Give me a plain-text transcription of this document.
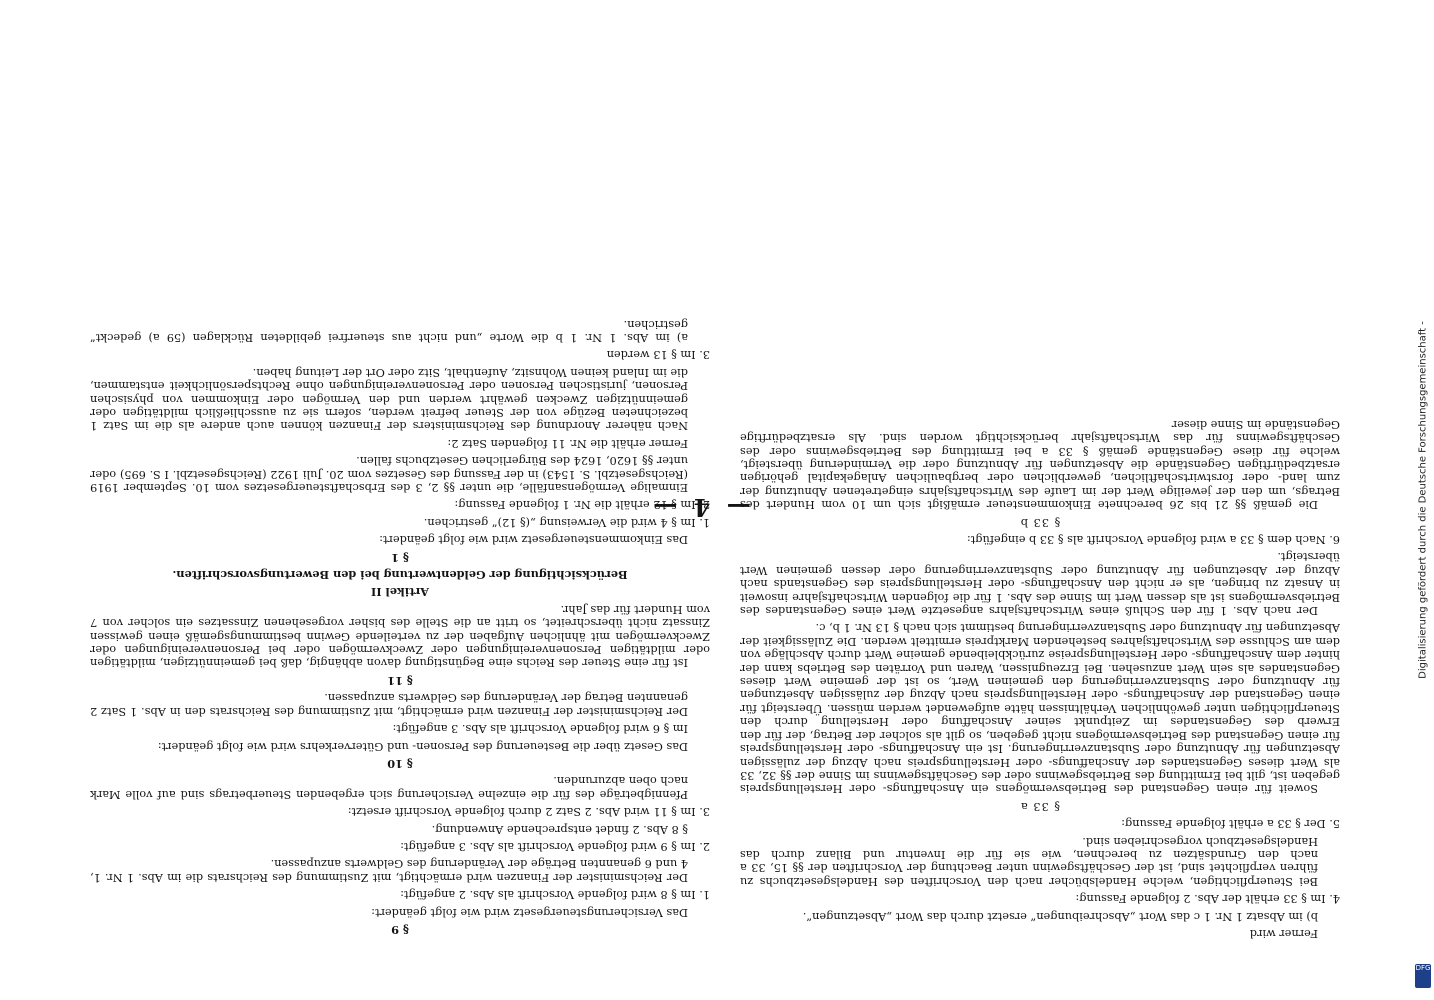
— 4 —

§ 9

Das Versicherungsteuergesetz wird wie folgt geändert:

1. Im § 8 wird folgende Vorschrift als Abs. 2 angefügt:

Der Reichsminister der Finanzen wird ermächtigt, mit Zustimmung des Reichsrats die im Abs. 1 Nr. 1, 4 und 6 genannten Beträge der Veränderung des Geldwerts anzupassen.

2. Im § 9 wird folgende Vorschrift als Abs. 3 angefügt:

§ 8 Abs. 2 findet entsprechende Anwendung.

3. Im § 11 wird Abs. 2 Satz 2 durch folgende Vorschrift ersetzt:

Pfennigbeträge des für die einzelne Versicherung sich ergebenden Steuerbetrags sind auf volle Mark nach oben abzurunden.

§ 10

Das Gesetz über die Besteuerung des Personen- und Güterverkehrs wird wie folgt geändert:

Im § 6 wird folgende Vorschrift als Abs. 3 angefügt:

Der Reichsminister der Finanzen wird ermächtigt, mit Zustimmung des Reichsrats den in Abs. 1 Satz 2 genannten Betrag der Veränderung des Geldwerts anzupassen.

§ 11

Ist für eine Steuer des Reichs eine Begünstigung davon abhängig, daß bei gemeinnützigen, mildtätigen oder mildtätigen Personenvereinigungen oder Zweckvermögen oder bei Personenvereinigungen oder Zweckvermögen mit ähnlichen Aufgaben der zu verteilende Gewinn bestimmungsgemäß einen gewissen Zinssatz nicht überschreitet, so tritt an die Stelle des bisher vorgesehenen Zinssatzes ein solcher von 7 vom Hundert für das Jahr.

Artikel II

Berücksichtigung der Geldentwertung bei den Bewertungsvorschriften.

§ 1

Das Einkommensteuergesetz wird wie folgt geändert:

1. Im § 4 wird die Verweisung „(§ 12)“ gestrichen.

2. Im § 12 erhält die Nr. 1 folgende Fassung:

Einmalige Vermögensanfälle, die unter §§ 2, 3 des Erbschaftsteuergesetzes vom 10. September 1919 (Reichsgesetzbl. S. 1543) in der Fassung des Gesetzes vom 20. Juli 1922 (Reichsgesetzbl. I S. 695) oder unter §§ 1620, 1624 des Bürgerlichen Gesetzbuchs fallen.

Ferner erhält die Nr. 11 folgenden Satz 2:

Nach näherer Anordnung des Reichsministers der Finanzen können auch andere als die im Satz 1 bezeichneten Bezüge von der Steuer befreit werden, sofern sie zu ausschließlich mildtätigen oder gemeinnützigen Zwecken gewährt werden und den Vermögen oder Einkommen von physischen Personen, juristischen Personen oder Personenvereinigungen ohne Rechtspersönlichkeit entstammen, die im Inland keinen Wohnsitz, Aufenthalt, Sitz oder Ort der Leitung haben.

3. Im § 13 werden

a) im Abs. 1 Nr. 1 b die Worte „und nicht aus steuerfrei gebildeten Rücklagen (59 a) gedeckt“ gestrichen.

Ferner wird

b) im Absatz 1 Nr. 1 c das Wort „Abschreibungen“ ersetzt durch das Wort „Absetzungen“.

4. Im § 33 erhält der Abs. 2 folgende Fassung:

Bei Steuerpflichtigen, welche Handelsbücher nach den Vorschriften des Handelsgesetzbuchs zu führen verpflichtet sind, ist der Geschäftsgewinn unter Beachtung der Vorschriften der §§ 15, 33 a nach den Grundsätzen zu berechnen, wie sie für die Inventur und Bilanz durch das Handelsgesetzbuch vorgeschrieben sind.

5. Der § 33 a erhält folgende Fassung:

§ 33 a

Soweit für einen Gegenstand des Betriebsvermögens ein Anschaffungs- oder Herstellungspreis gegeben ist, gilt bei Ermittlung des Betriebsgewinns oder des Geschäftsgewinns im Sinne der §§ 32, 33 als Wert dieses Gegenstandes der Anschaffungs- oder Herstellungspreis nach Abzug der zulässigen Absetzungen für Abnutzung oder Substanzverringerung. Ist ein Anschaffungs- oder Herstellungspreis für einen Gegenstand des Betriebsvermögens nicht gegeben, so gilt als solcher der Betrag, der für den Erwerb des Gegenstandes im Zeitpunkt seiner Anschaffung oder Herstellung durch den Steuerpflichtigen unter gewöhnlichen Verhältnissen hätte aufgewendet werden müssen. Übersteigt für einen Gegenstand der Anschaffungs- oder Herstellungspreis nach Abzug der zulässigen Absetzungen für Abnutzung oder Substanzverringerung den gemeinen Wert, so ist der gemeine Wert dieses Gegenstandes als sein Wert anzusehen. Bei Erzeugnissen, Waren und Vorräten des Betriebs kann der hinter dem Anschaffungs- oder Herstellungspreise zurückbleibende gemeine Wert durch Abschläge von dem am Schlusse des Wirtschaftsjahres bestehenden Marktpreis ermittelt werden. Die Zulässigkeit der Absetzungen für Abnutzung oder Substanzverringerung bestimmt sich nach § 13 Nr. 1 b, c.

Der nach Abs. 1 für den Schluß eines Wirtschaftsjahrs angesetzte Wert eines Gegenstandes des Betriebsvermögens ist als dessen Wert im Sinne des Abs. 1 für die folgenden Wirtschaftsjahre insoweit in Ansatz zu bringen, als er nicht den Anschaffungs- oder Herstellungspreis des Gegenstands nach Abzug der Absetzungen für Abnutzung oder Substanzverringerung oder dessen gemeinen Wert übersteigt.

6. Nach dem § 33 a wird folgende Vorschrift als § 33 b eingefügt:

§ 33 b

Die gemäß §§ 21 bis 26 berechnete Einkommensteuer ermäßigt sich um 10 vom Hundert des Betrags, um den der jeweilige Wert der im Laufe des Wirtschaftsjahrs eingetretenen Abnutzung der zum land- oder forstwirtschaftlichen, gewerblichen oder bergbaulichen Anlagekapital gehörigen ersatzbedürftigen Gegenstände die Absetzungen für Abnutzung oder die Verminderung übersteigt, welche für diese Gegenstände gemäß § 33 a bei Ermittlung des Betriebsgewinns oder des Geschäftsgewinns für das Wirtschaftsjahr berücksichtigt worden sind. Als ersatzbedürftige Gegenstände im Sinne dieser	Digitalisierung gefördert durch die Deutsche Forschungsgemeinschaft -
DFG
